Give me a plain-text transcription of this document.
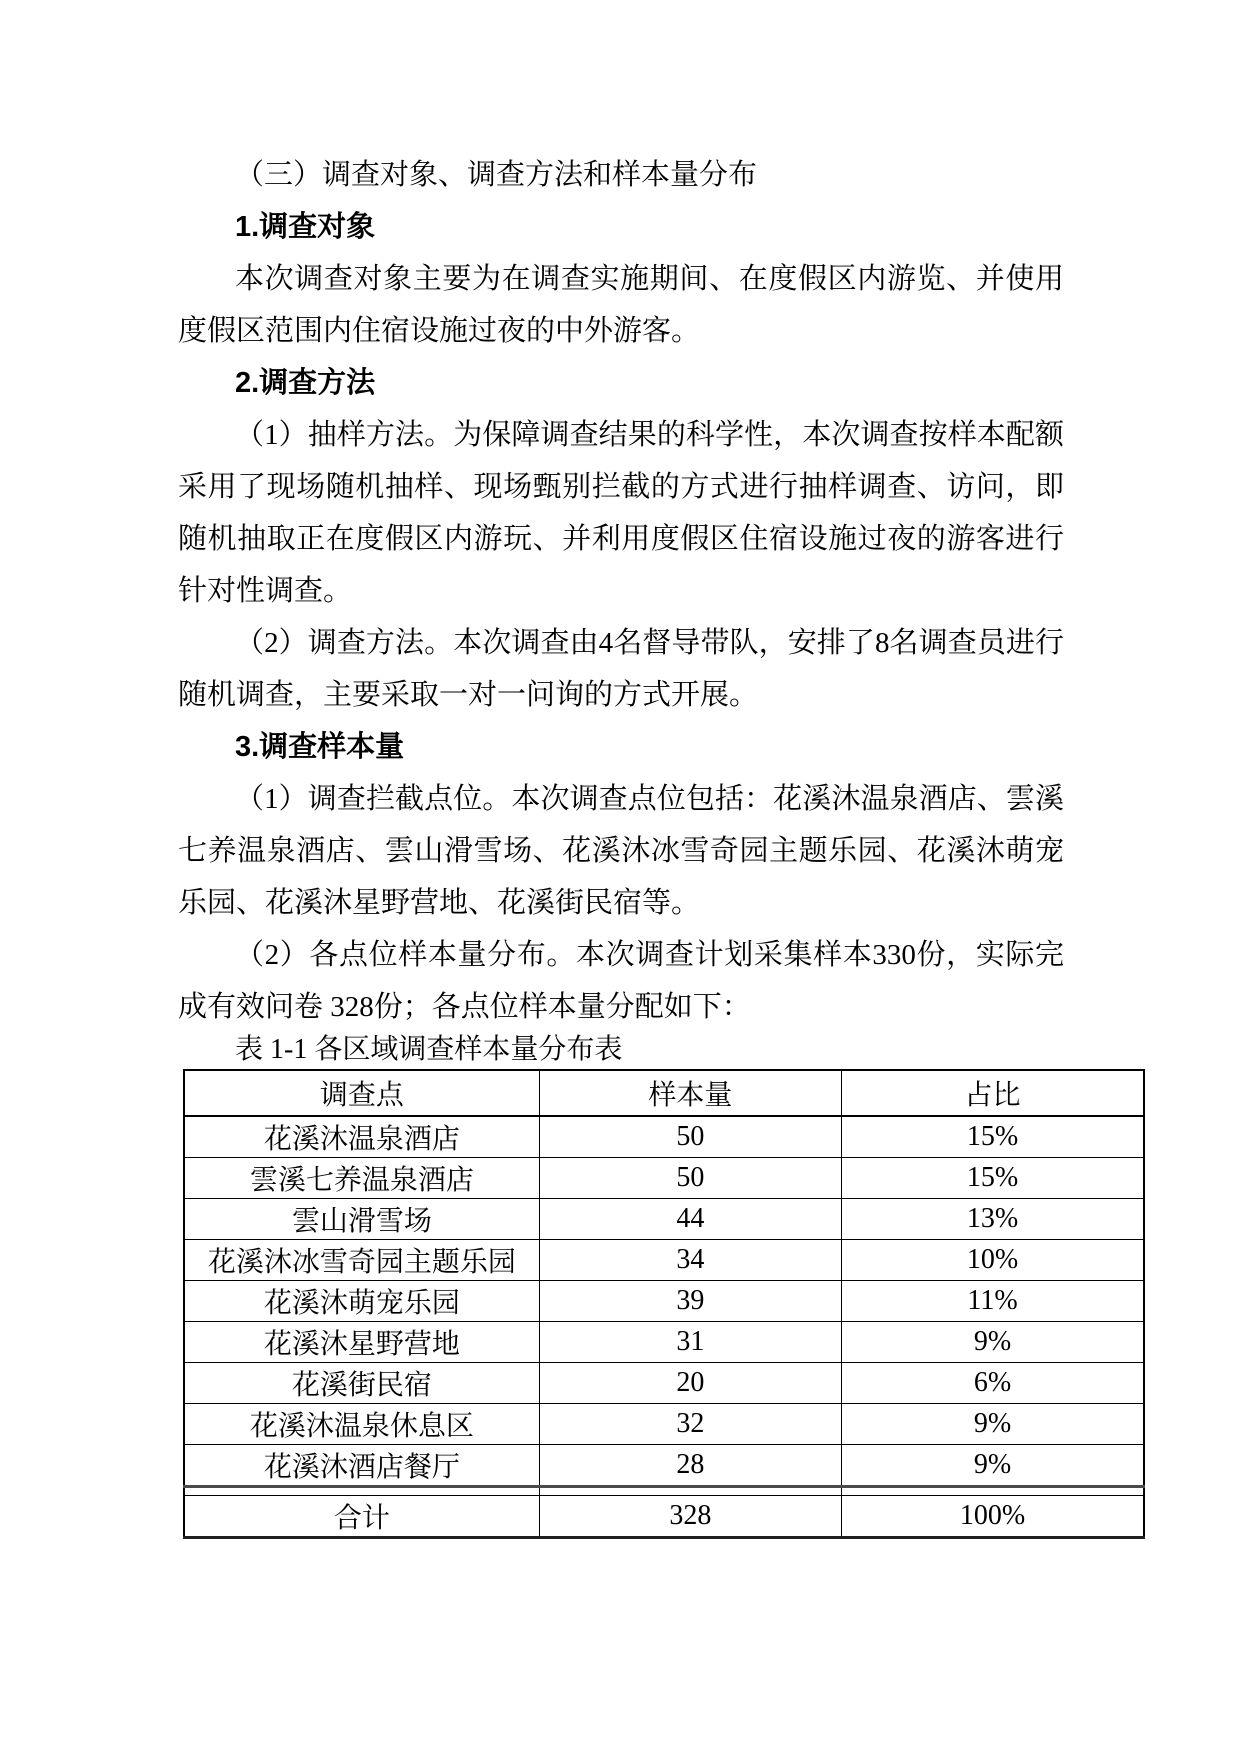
（三）调查对象、调查方法和样本量分布
1.调查对象
本次调查对象主要为在调查实施期间、在度假区内游览、并使用
度假区范围内住宿设施过夜的中外游客。
2.调查方法
（1）抽样方法。为保障调查结果的科学性，本次调查按样本配额
采用了现场随机抽样、现场甄别拦截的方式进行抽样调查、访问，即
随机抽取正在度假区内游玩、并利用度假区住宿设施过夜的游客进行
针对性调查。
（2）调查方法。本次调查由4名督导带队，安排了8名调查员进行
随机调查，主要采取一对一问询的方式开展。
3.调查样本量
（1）调查拦截点位。本次调查点位包括：花溪沐温泉酒店、雲溪
七养温泉酒店、雲山滑雪场、花溪沐冰雪奇园主题乐园、花溪沐萌宠
乐园、花溪沐星野营地、花溪街民宿等。
（2）各点位样本量分布。本次调查计划采集样本330份，实际完
成有效问卷 328份；各点位样本量分配如下：
表 1-1 各区域调查样本量分布表
调查点	样本量	占比
花溪沐温泉酒店	50	15%
雲溪七养温泉酒店	50	15%
雲山滑雪场	44	13%
花溪沐冰雪奇园主题乐园	34	10%
花溪沐萌宠乐园	39	11%
花溪沐星野营地	31	9%
花溪街民宿	20	6%
花溪沐温泉休息区	32	9%
花溪沐酒店餐厅	28	9%

合计	328	100%
